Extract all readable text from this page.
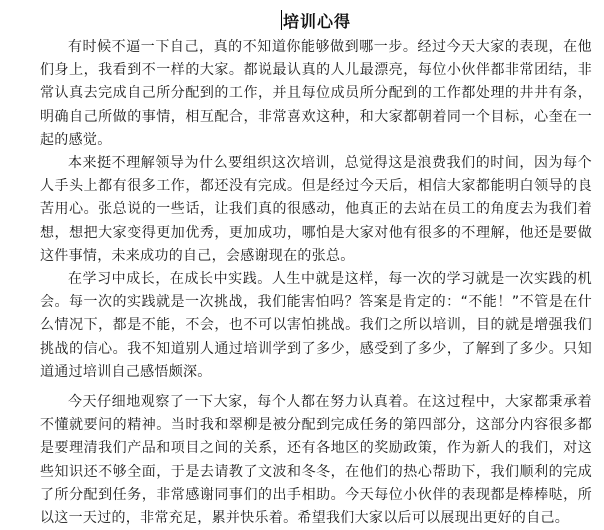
培训心得

有时候不逼一下自己，真的不知道你能够做到哪一步。经过今天大家的表现，在他们身上，我看到不一样的大家。都说最认真的人儿最漂亮，每位小伙伴都非常团结，非常认真去完成自己所分配到的工作，并且每位成员所分配到的工作都处理的井井有条，明确自己所做的事情，相互配合，非常喜欢这种，和大家都朝着同一个目标，心奎在一起的感觉。

本来挺不理解领导为什么要组织这次培训，总觉得这是浪费我们的时间，因为每个人手头上都有很多工作，都还没有完成。但是经过今天后，相信大家都能明白领导的良苦用心。张总说的一些话，让我们真的很感动，他真正的去站在员工的角度去为我们着想，想把大家变得更加优秀，更加成功，哪怕是大家对他有很多的不理解，他还是要做这件事情，未来成功的自己，会感谢现在的张总。

在学习中成长，在成长中实践。人生中就是这样，每一次的学习就是一次实践的机会。每一次的实践就是一次挑战，我们能害怕吗？答案是肯定的：“不能！”不管是在什么情况下，都是不能，不会，也不可以害怕挑战。我们之所以培训，目的就是增强我们挑战的信心。我不知道别人通过培训学到了多少，感受到了多少，了解到了多少。只知道通过培训自己感悟颇深。

今天仔细地观察了一下大家，每个人都在努力认真着。在这过程中，大家都秉承着不懂就要问的精神。当时我和翠柳是被分配到完成任务的第四部分，这部分内容很多都是要理清我们产品和项目之间的关系，还有各地区的奖励政策，作为新人的我们，对这些知识还不够全面，于是去请教了文波和冬冬，在他们的热心帮助下，我们顺利的完成了所分配到任务，非常感谢同事们的出手相助。今天每位小伙伴的表现都是棒棒哒，所以这一天过的，非常充足，累并快乐着。希望我们大家以后可以展现出更好的自己。
